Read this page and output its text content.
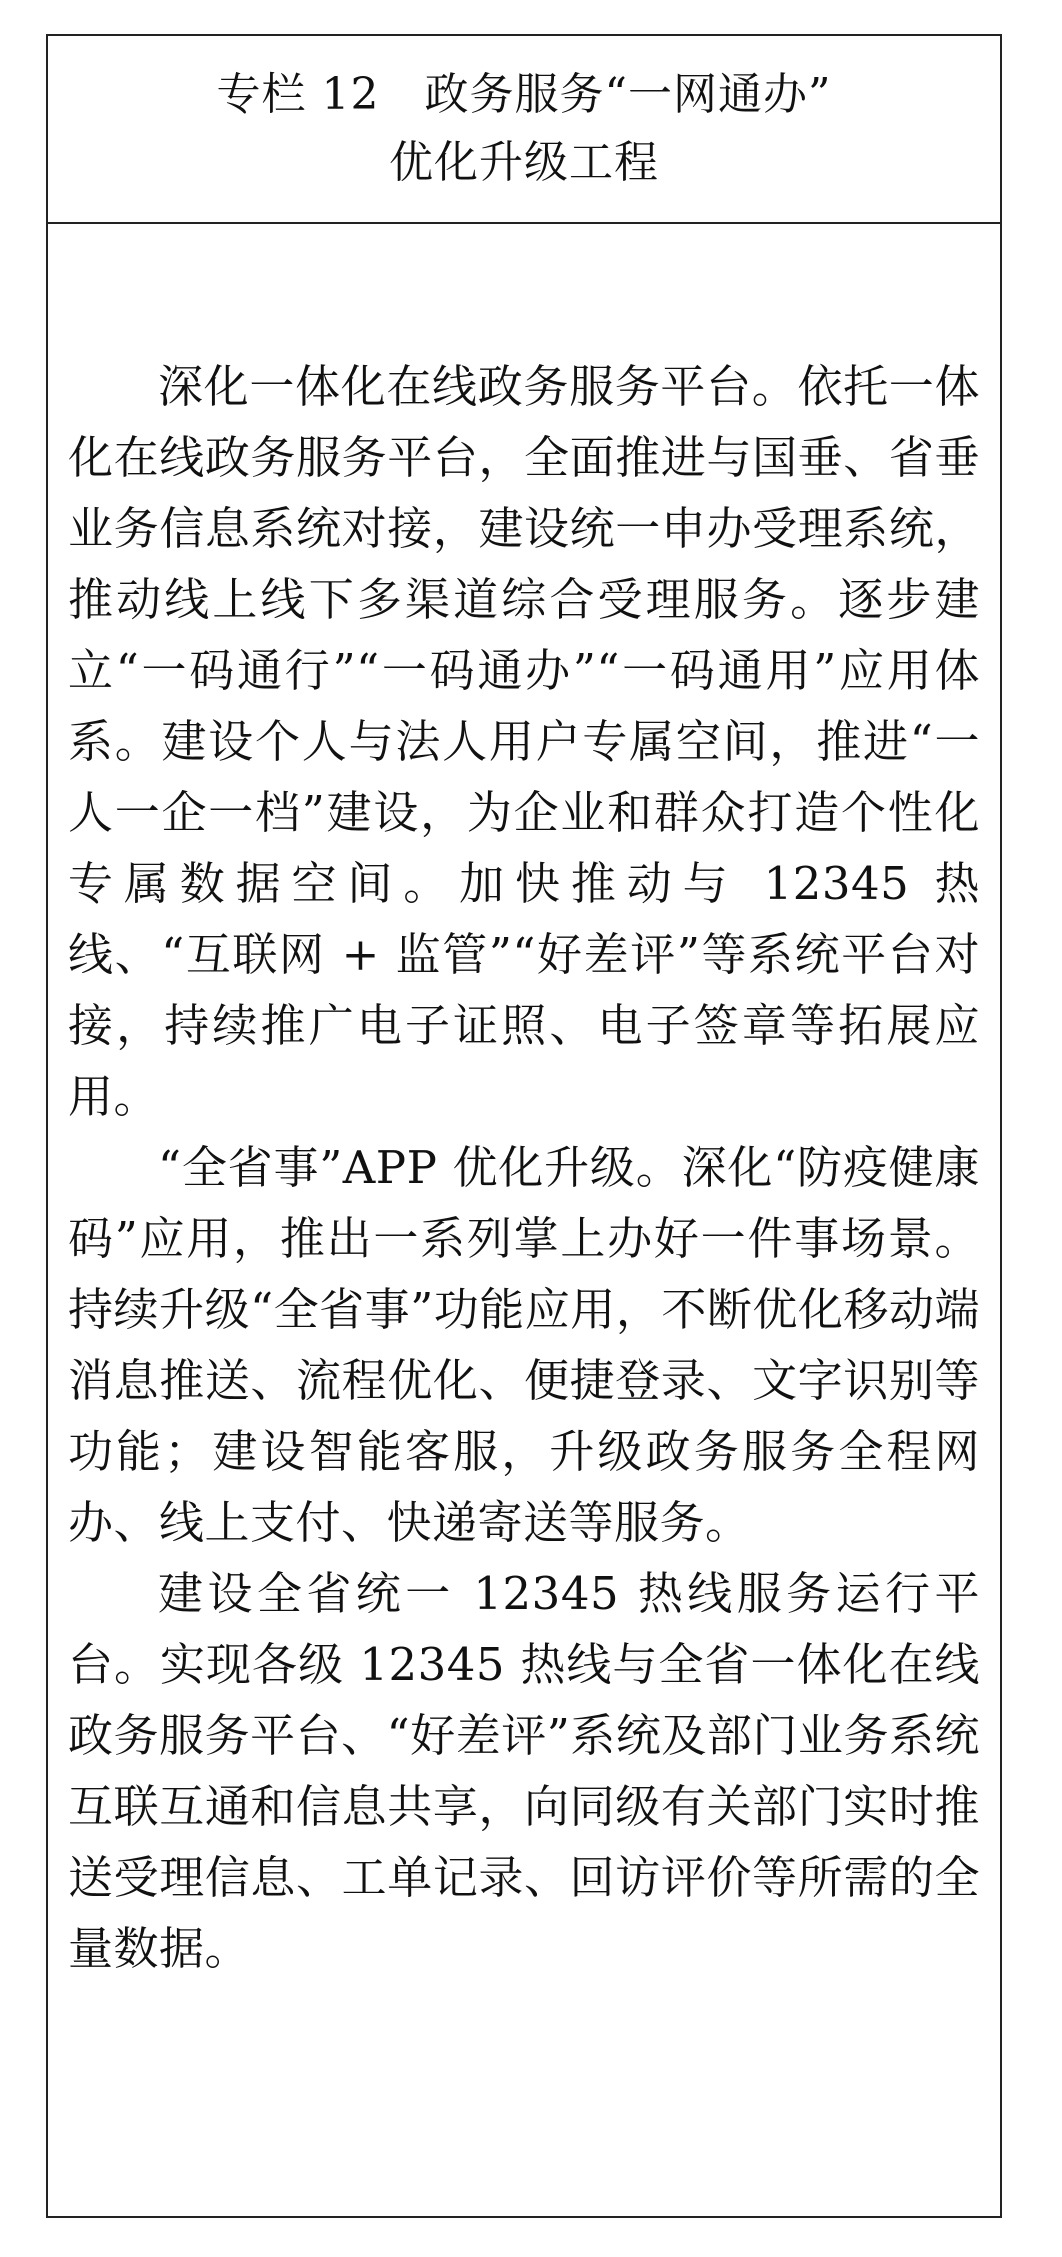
专栏 12　政务服务“一网通办”
优化升级工程

深化一体化在线政务服务平台。依托一体化在线政务服务平台，全面推进与国垂、省垂业务信息系统对接，建设统一申办受理系统，推动线上线下多渠道综合受理服务。逐步建立“一码通行”“一码通办”“一码通用”应用体系。建设个人与法人用户专属空间，推进“一人一企一档”建设，为企业和群众打造个性化专属数据空间。加快推动与 12345 热线、“互联网 + 监管”“好差评”等系统平台对接，持续推广电子证照、电子签章等拓展应用。

“全省事”APP 优化升级。深化“防疫健康码”应用，推出一系列掌上办好一件事场景。持续升级“全省事”功能应用，不断优化移动端消息推送、流程优化、便捷登录、文字识别等功能；建设智能客服，升级政务服务全程网办、线上支付、快递寄送等服务。

建设全省统一 12345 热线服务运行平台。实现各级 12345 热线与全省一体化在线政务服务平台、“好差评”系统及部门业务系统互联互通和信息共享，向同级有关部门实时推送受理信息、工单记录、回访评价等所需的全量数据。
